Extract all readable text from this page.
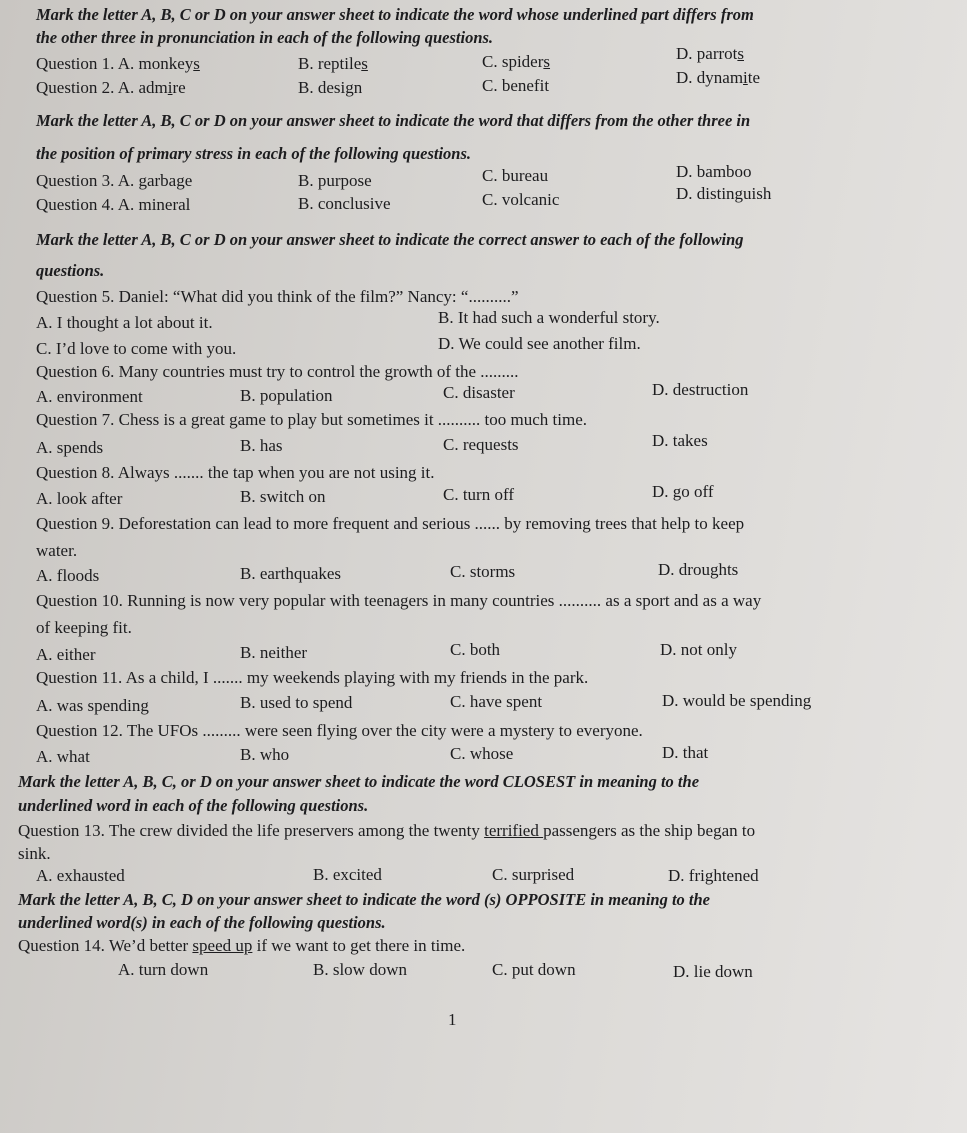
Mark the letter A, B, C or D on your answer sheet to indicate the word whose underlined part differs from
the other three in pronunciation in each of the following questions.
Question 1. A. monkeys	B. reptiles	C. spiders	D. parrots
Question 2. A. admire	B. design	C. benefit	D. dynamite
Mark the letter A, B, C or D on your answer sheet to indicate the word that differs from the other three in
the position of primary stress in each of the following questions.
Question 3. A. garbage	B. purpose	C. bureau	D. bamboo
Question 4. A. mineral	B. conclusive	C. volcanic	D. distinguish
Mark the letter A, B, C or D on your answer sheet to indicate the correct answer to each of the following
questions.
Question 5. Daniel: “What did you think of the film?” Nancy: “..........”
A. I thought a lot about it.	B. It had such a wonderful story.
C. I’d love to come with you.	D. We could see another film.
Question 6. Many countries must try to control the growth of the .........
A. environment	B. population	C. disaster	D. destruction
Question 7. Chess is a great game to play but sometimes it .......... too much time.
A. spends	B. has	C. requests	D. takes
Question 8. Always ....... the tap when you are not using it.
A. look after	B. switch on	C. turn off	D. go off
Question 9. Deforestation can lead to more frequent and serious ...... by removing trees that help to keep
water.
A. floods	B. earthquakes	C. storms	D. droughts
Question 10. Running is now very popular with teenagers in many countries .......... as a sport and as a way
of keeping fit.
A. either	B. neither	C. both	D. not only
Question 11. As a child, I ....... my weekends playing with my friends in the park.
A. was spending	B. used to spend	C. have spent	D. would be spending
Question 12. The UFOs ......... were seen flying over the city were a mystery to everyone.
A. what	B. who	C. whose	D. that
Mark the letter A, B, C, or D on your answer sheet to indicate the word CLOSEST in meaning to the
underlined word in each of the following questions.
Question 13. The crew divided the life preservers among the twenty terrified passengers as the ship began to
sink.
A. exhausted	B. excited	C. surprised	D. frightened
Mark the letter A, B, C, D on your answer sheet to indicate the word (s) OPPOSITE in meaning to the
underlined word(s) in each of the following questions.
Question 14. We’d better speed up if we want to get there in time.
A. turn down	B. slow down	C. put down	D. lie down
1
